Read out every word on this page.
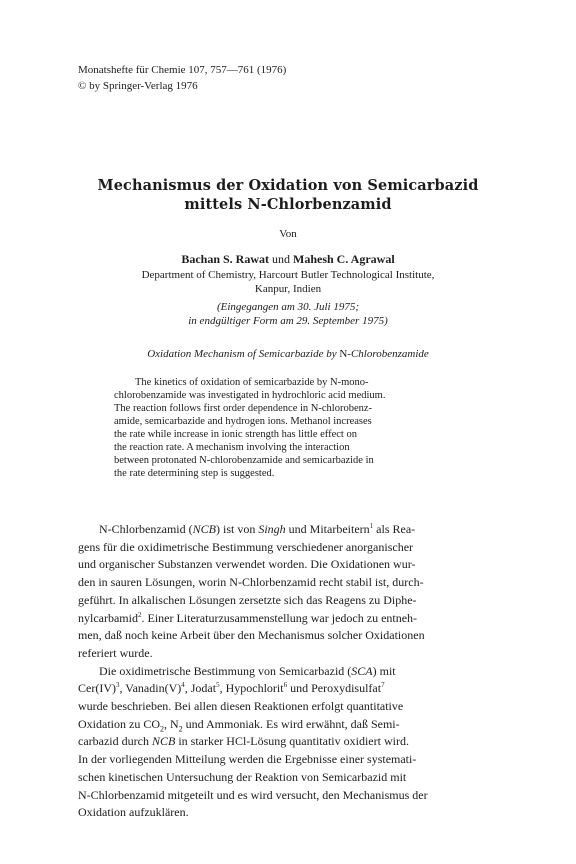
Monatshefte für Chemie 107, 757—761 (1976)
© by Springer-Verlag 1976
Mechanismus der Oxidation von Semicarbazid
mittels N-Chlorbenzamid
Von
Bachan S. Rawat und Mahesh C. Agrawal
Department of Chemistry, Harcourt Butler Technological Institute,
Kanpur, Indien
(Eingegangen am 30. Juli 1975;
in endgültiger Form am 29. September 1975)
Oxidation Mechanism of Semicarbazide by N-Chlorobenzamide
The kinetics of oxidation of semicarbazide by N-mono-
chlorobenzamide was investigated in hydrochloric acid medium.
The reaction follows first order dependence in N-chlorobenz-
amide, semicarbazide and hydrogen ions. Methanol increases
the rate while increase in ionic strength has little effect on
the reaction rate. A mechanism involving the interaction
between protonated N-chlorobenzamide and semicarbazide in
the rate determining step is suggested.
N-Chlorbenzamid (NCB) ist von Singh und Mitarbeitern$^1$ als Rea-
gens für die oxidimetrische Bestimmung verschiedener anorganischer
und organischer Substanzen verwendet worden. Die Oxidationen wur-
den in sauren Lösungen, worin N-Chlorbenzamid recht stabil ist, durch-
geführt. In alkalischen Lösungen zersetzte sich das Reagens zu Diphe-
nylcarbamid$^2$. Einer Literaturzusammenstellung war jedoch zu entneh-
men, daß noch keine Arbeit über den Mechanismus solcher Oxidationen
referiert wurde.
Die oxidimetrische Bestimmung von Semicarbazid (SCA) mit
Cer(IV)$^3$, $Vanadin(V)^4$, Jodat$^5$, Hypochlorit$^6$ und Peroxydisulfat$^7$
wurde beschrieben. Bei allen diesen Reaktionen erfolgt quantitative
Oxidation zu $CO_2$, $N_2$ und Ammoniak. Es wird erwähnt, daß Semi-
carbazid durch NCB in starker HCl-Lösung quantitativ oxidiert wird.
In der vorliegenden Mitteilung werden die Ergebnisse einer systemati-
schen kinetischen Untersuchung der Reaktion von Semicarbazid mit
N-Chlorbenzamid mitgeteilt und es wird versucht, den Mechanismus der
Oxidation aufzuklären.
